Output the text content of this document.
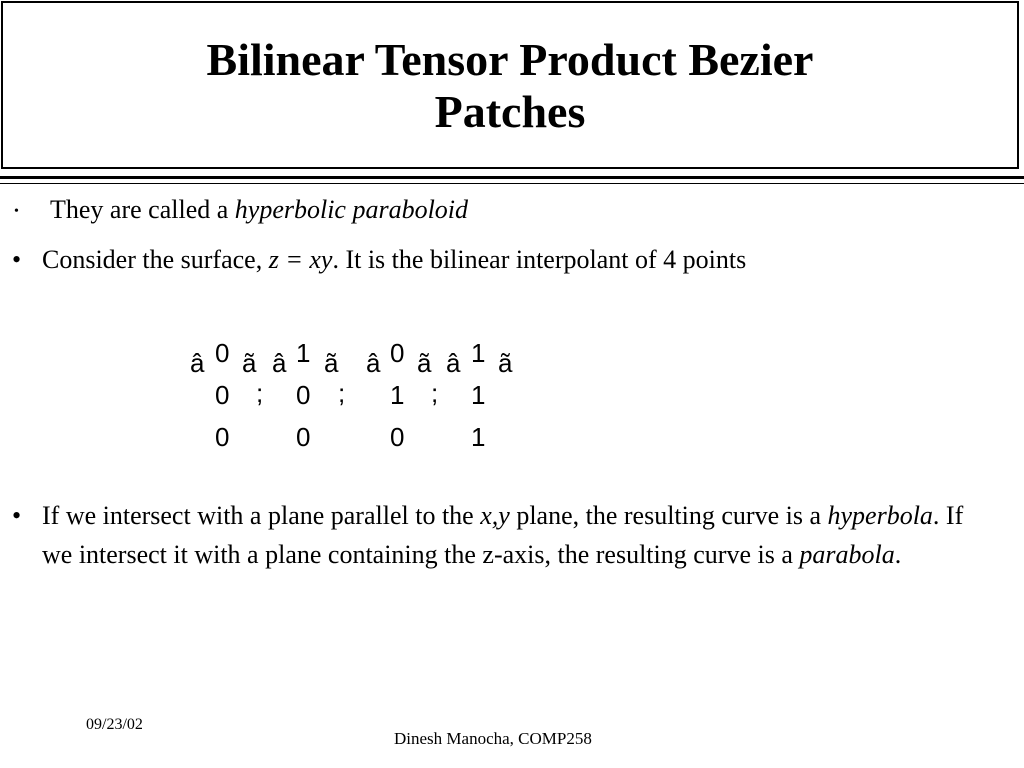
Bilinear Tensor Product Bezier
Patches
• They are called a hyperbolic paraboloid
• Consider the surface, z = xy. It is the bilinear interpolant of 4 points
â 0 ã â 1 ã â 0 ã â 1 ã
0 ; 0 ; 1 ; 1
0	0	0	1
• If we intersect with a plane parallel to the x,y plane, the resulting curve is a hyperbola. If we intersect it with a plane containing the z-axis, the resulting curve is a parabola.
09/23/02
Dinesh Manocha, COMP258
